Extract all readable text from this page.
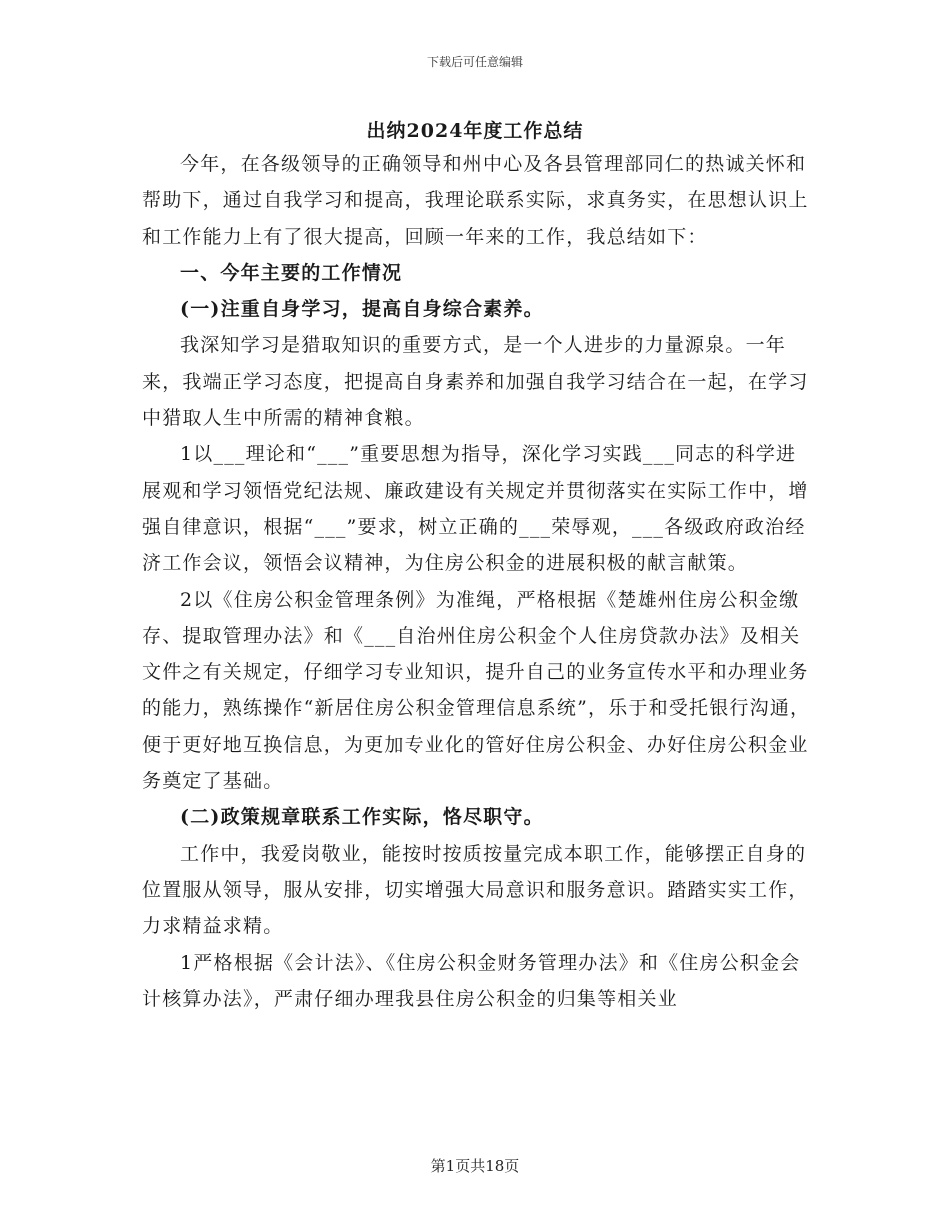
下载后可任意编辑
出纳2024年度工作总结

今年，在各级领导的正确领导和州中心及各县管理部同仁的热诚关怀和帮助下，通过自我学习和提高，我理论联系实际，求真务实，在思想认识上和工作能力上有了很大提高，回顾一年来的工作，我总结如下：

一、今年主要的工作情况

(一)注重自身学习，提高自身综合素养。

我深知学习是猎取知识的重要方式，是一个人进步的力量源泉。一年来，我端正学习态度，把提高自身素养和加强自我学习结合在一起，在学习中猎取人生中所需的精神食粮。

1以___理论和“___”重要思想为指导，深化学习实践___同志的科学进展观和学习领悟党纪法规、廉政建设有关规定并贯彻落实在实际工作中，增强自律意识，根据“___”要求，树立正确的___荣辱观，___各级政府政治经济工作会议，领悟会议精神，为住房公积金的进展积极的献言献策。

2以《住房公积金管理条例》为准绳，严格根据《楚雄州住房公积金缴存、提取管理办法》和《___自治州住房公积金个人住房贷款办法》及相关文件之有关规定，仔细学习专业知识，提升自己的业务宣传水平和办理业务的能力，熟练操作“新居住房公积金管理信息系统”，乐于和受托银行沟通，便于更好地互换信息，为更加专业化的管好住房公积金、办好住房公积金业务奠定了基础。

(二)政策规章联系工作实际，恪尽职守。

工作中，我爱岗敬业，能按时按质按量完成本职工作，能够摆正自身的位置服从领导，服从安排，切实增强大局意识和服务意识。踏踏实实工作，力求精益求精。

1严格根据《会计法》、《住房公积金财务管理办法》和《住房公积金会计核算办法》，严肃仔细办理我县住房公积金的归集等相关业

第1页共18页
